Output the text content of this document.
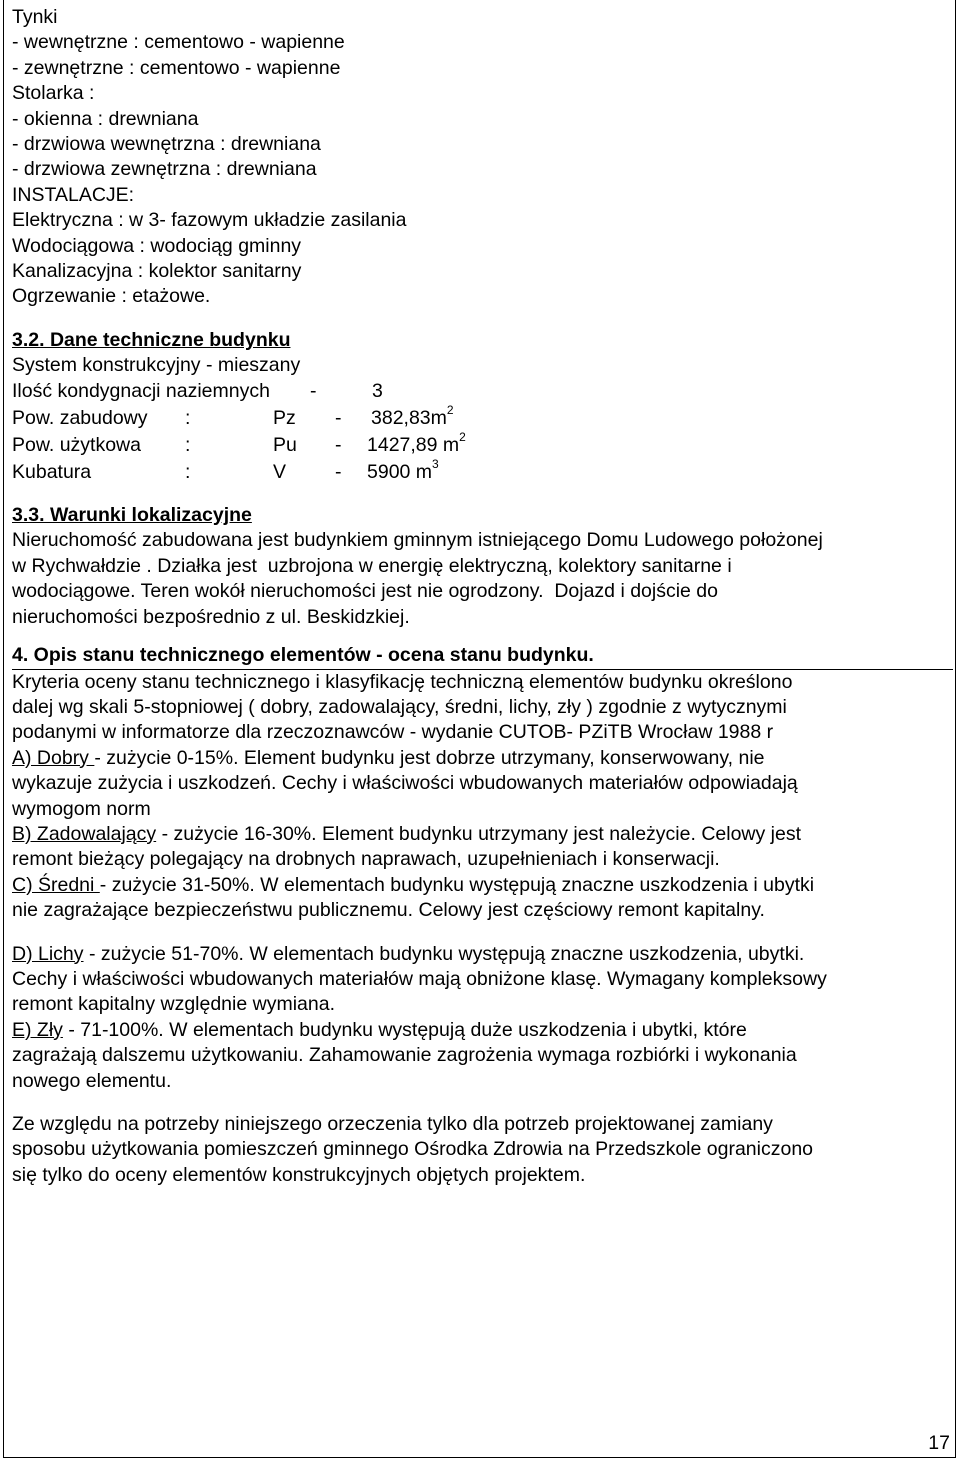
Tynki
- wewnętrzne : cementowo - wapienne
- zewnętrzne : cementowo - wapienne
Stolarka :
- okienna : drewniana
- drzwiowa wewnętrzna : drewniana
- drzwiowa zewnętrzna : drewniana
INSTALACJE:
Elektryczna : w 3- fazowym układzie zasilania
Wodociągowa : wodociąg gminny
Kanalizacyjna : kolektor sanitarny
Ogrzewanie : etażowe.
3.2. Dane techniczne budynku
System konstrukcyjny - mieszany
Ilość kondygnacji naziemnych	-	3
Pow. zabudowy	:	Pz	-	$382,83m^2$
Pow. użytkowa	:	Pu	-	1427,89 $m^2$
Kubatura	:	V	-	5900 $m^3$
3.3. Warunki lokalizacyjne
Nieruchomość zabudowana jest budynkiem gminnym istniejącego Domu Ludowego położonej
w Rychwałdzie . Działka jest  uzbrojona w energię elektryczną, kolektory sanitarne i
wodociągowe. Teren wokół nieruchomości jest nie ogrodzony.  Dojazd i dojście do
nieruchomości bezpośrednio z ul. Beskidzkiej.
4. Opis stanu technicznego elementów - ocena stanu budynku.
Kryteria oceny stanu technicznego i klasyfikację techniczną elementów budynku określono
dalej wg skali 5-stopniowej ( dobry, zadowalający, średni, lichy, zły ) zgodnie z wytycznymi
podanymi w informatorze dla rzeczoznawców - wydanie CUTOB- PZiTB Wrocław 1988 r
A) Dobry - zużycie 0-15%. Element budynku jest dobrze utrzymany, konserwowany, nie
wykazuje zużycia i uszkodzeń. Cechy i właściwości wbudowanych materiałów odpowiadają
wymogom norm
B) Zadowalający - zużycie 16-30%. Element budynku utrzymany jest należycie. Celowy jest
remont bieżący polegający na drobnych naprawach, uzupełnieniach i konserwacji.
C) Średni - zużycie 31-50%. W elementach budynku występują znaczne uszkodzenia i ubytki
nie zagrażające bezpieczeństwu publicznemu. Celowy jest częściowy remont kapitalny.
D) Lichy - zużycie 51-70%. W elementach budynku występują znaczne uszkodzenia, ubytki.
Cechy i właściwości wbudowanych materiałów mają obniżone klasę. Wymagany kompleksowy
remont kapitalny względnie wymiana.
E) Zły - 71-100%. W elementach budynku występują duże uszkodzenia i ubytki, które
zagrażają dalszemu użytkowaniu. Zahamowanie zagrożenia wymaga rozbiórki i wykonania
nowego elementu.
Ze względu na potrzeby niniejszego orzeczenia tylko dla potrzeb projektowanej zamiany
sposobu użytkowania pomieszczeń gminnego Ośrodka Zdrowia na Przedszkole ograniczono
się tylko do oceny elementów konstrukcyjnych objętych projektem.
17
